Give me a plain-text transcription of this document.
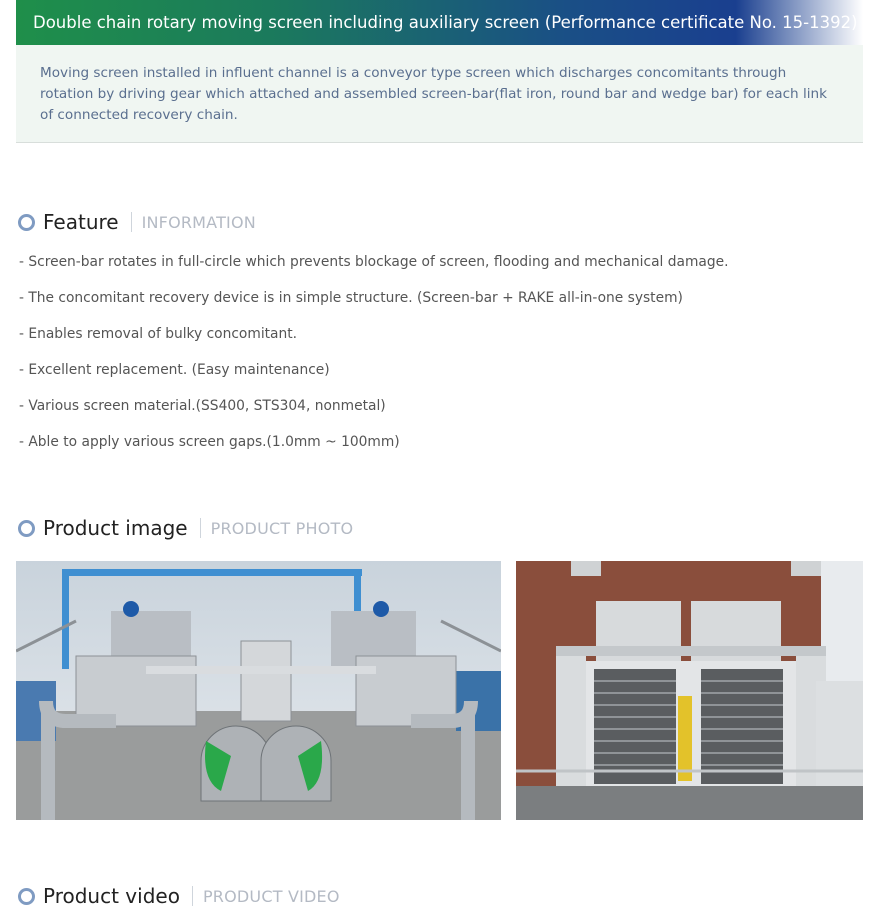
Double chain rotary moving screen including auxiliary screen (Performance certificate No. 15-1392)

Moving screen installed in influent channel is a conveyor type screen which discharges concomitants through rotation by driving gear which attached and assembled screen-bar(flat iron, round bar and wedge bar) for each link of connected recovery chain.

Feature INFORMATION
- Screen-bar rotates in full-circle which prevents blockage of screen, flooding and mechanical damage.
- The concomitant recovery device is in simple structure. (Screen-bar + RAKE all-in-one system)
- Enables removal of bulky concomitant.
- Excellent replacement. (Easy maintenance)
- Various screen material.(SS400, STS304, nonmetal)
- Able to apply various screen gaps.(1.0mm ~ 100mm)
Product image PRODUCT PHOTO
Product video PRODUCT VIDEO
